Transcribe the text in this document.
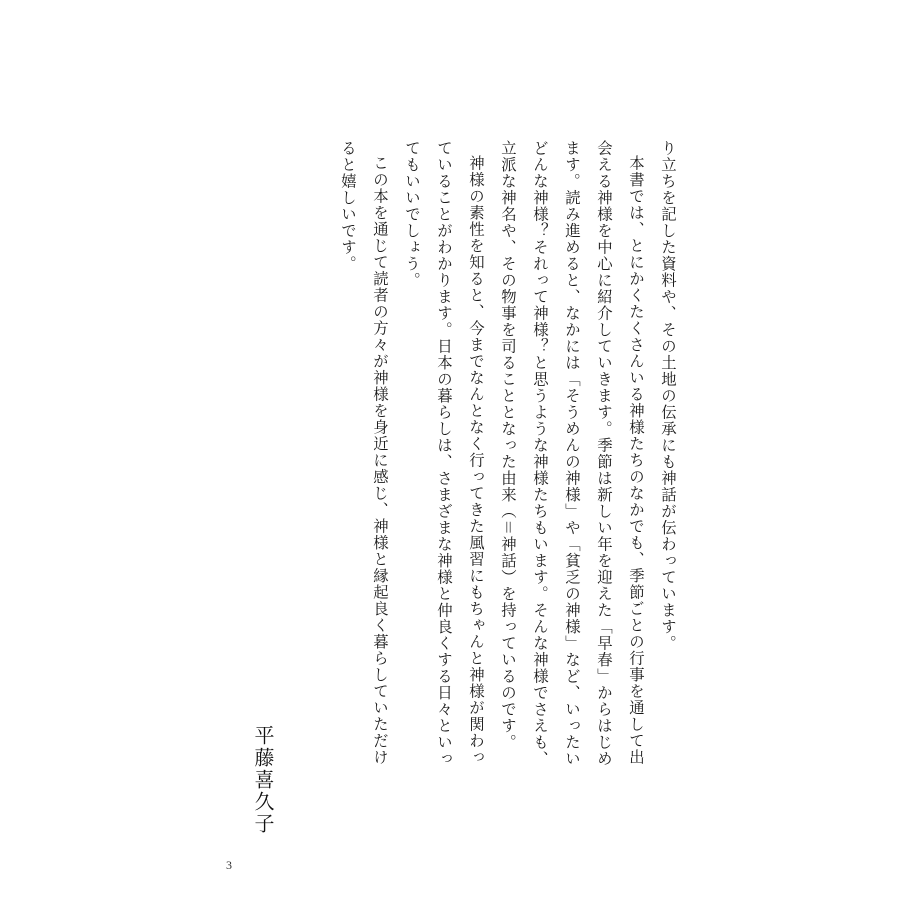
り立ちを記した資料や、その土地の伝承にも神話が伝わっています。

本書では、とにかくたくさんいる神様たちのなかでも、季節ごとの行事を通して出会える神様を中心に紹介していきます。季節は新しい年を迎えた「早春」からはじめます。読み進めると、なかには「そうめんの神様」や「貧乏の神様」など、いったいどんな神様？それって神様？と思うような神様たちもいます。そんな神様でさえも、立派な神名や、その物事を司ることとなった由来（＝神話）を持っているのです。

神様の素性を知ると、今までなんとなく行ってきた風習にもちゃんと神様が関わっていることがわかります。日本の暮らしは、さまざまな神様と仲良くする日々といってもいいでしょう。

この本を通じて読者の方々が神様を身近に感じ、神様と縁起良く暮らしていただけると嬉しいです。

平藤喜久子
3
